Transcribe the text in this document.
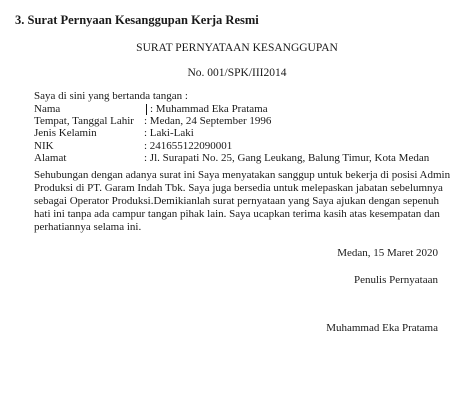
3. Surat Pernyaan Kesanggupan Kerja Resmi
SURAT PERNYATAAN KESANGGUPAN
No. 001/SPK/III2014
Saya di sini yang bertanda tangan :
Nama	: Muhammad Eka Pratama
Tempat, Tanggal Lahir : Medan, 24 September 1996
Jenis Kelamin	: Laki-Laki
NIK	: 241655122090001
Alamat	: Jl. Surapati No. 25, Gang Leukang, Balung Timur, Kota Medan

Sehubungan dengan adanya surat ini Saya menyatakan sanggup untuk bekerja di posisi Admin Produksi di PT. Garam Indah Tbk. Saya juga bersedia untuk melepaskan jabatan sebelumnya sebagai Operator Produksi.Demikianlah surat pernyataan yang Saya ajukan dengan sepenuh hati ini tanpa ada campur tangan pihak lain. Saya ucapkan terima kasih atas kesempatan dan perhatiannya selama ini.

Medan, 15 Maret 2020
Penulis Pernyataan
Muhammad Eka Pratama
